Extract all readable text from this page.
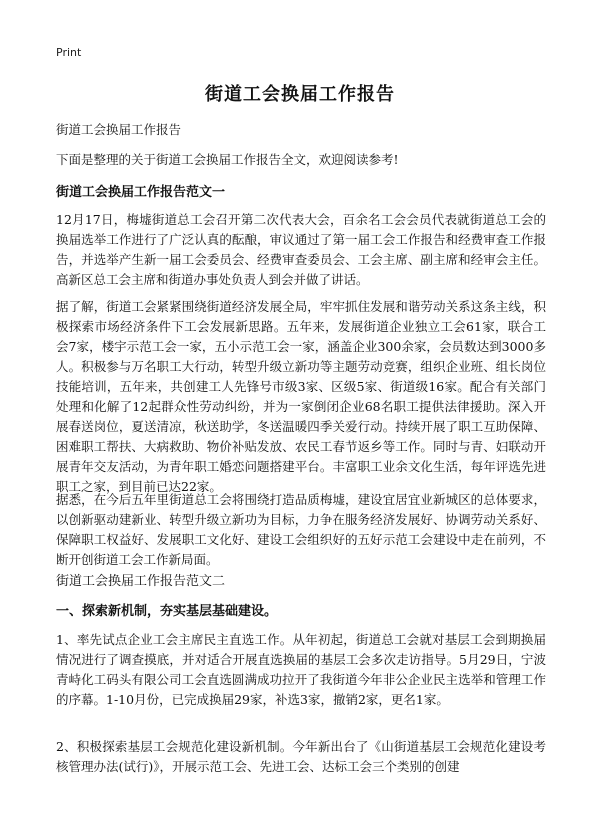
Print
街道工会换届工作报告

街道工会换届工作报告

下面是整理的关于街道工会换届工作报告全文，欢迎阅读参考!

街道工会换届工作报告范文一

12月17日，梅墟街道总工会召开第二次代表大会，百余名工会会员代表就街道总工会的换届选举工作进行了广泛认真的酝酿，审议通过了第一届工会工作报告和经费审查工作报告，并选举产生新一届工会委员会、经费审查委员会、工会主席、副主席和经审会主任。高新区总工会主席和街道办事处负责人到会并做了讲话。

据了解，街道工会紧紧围绕街道经济发展全局，牢牢抓住发展和谐劳动关系这条主线，积极探索市场经济条件下工会发展新思路。五年来，发展街道企业独立工会61家，联合工会7家，楼宇示范工会一家，五小示范工会一家，涵盖企业300余家，会员数达到3000多人。积极参与万名职工大行动，转型升级立新功等主题劳动竞赛，组织企业班、组长岗位技能培训，五年来，共创建工人先锋号市级3家、区级5家、街道级16家。配合有关部门处理和化解了12起群众性劳动纠纷，并为一家倒闭企业68名职工提供法律援助。深入开展春送岗位，夏送清凉，秋送助学，冬送温暖四季关爱行动。持续开展了职工互助保障、困难职工帮扶、大病救助、物价补贴发放、农民工春节返乡等工作。同时与青、妇联动开展青年交友活动，为青年职工婚恋问题搭建平台。丰富职工业余文化生活，每年评选先进职工之家，到目前已达22家。

据悉，在今后五年里街道总工会将围绕打造品质梅墟，建设宜居宜业新城区的总体要求，以创新驱动建新业、转型升级立新功为目标，力争在服务经济发展好、协调劳动关系好、保障职工权益好、发展职工文化好、建设工会组织好的五好示范工会建设中走在前列，不断开创街道工会工作新局面。

街道工会换届工作报告范文二
一、探索新机制，夯实基层基础建设。

1、率先试点企业工会主席民主直选工作。从年初起，街道总工会就对基层工会到期换届情况进行了调查摸底，并对适合开展直选换届的基层工会多次走访指导。5月29日，宁波青峙化工码头有限公司工会直选圆满成功拉开了我街道今年非公企业民主选举和管理工作的序幕。1-10月份，已完成换届29家，补选3家，撤销2家，更名1家。

2、积极探索基层工会规范化建设新机制。今年新出台了《山街道基层工会规范化建设考核管理办法(试行)》，开展示范工会、先进工会、达标工会三个类别的创建
